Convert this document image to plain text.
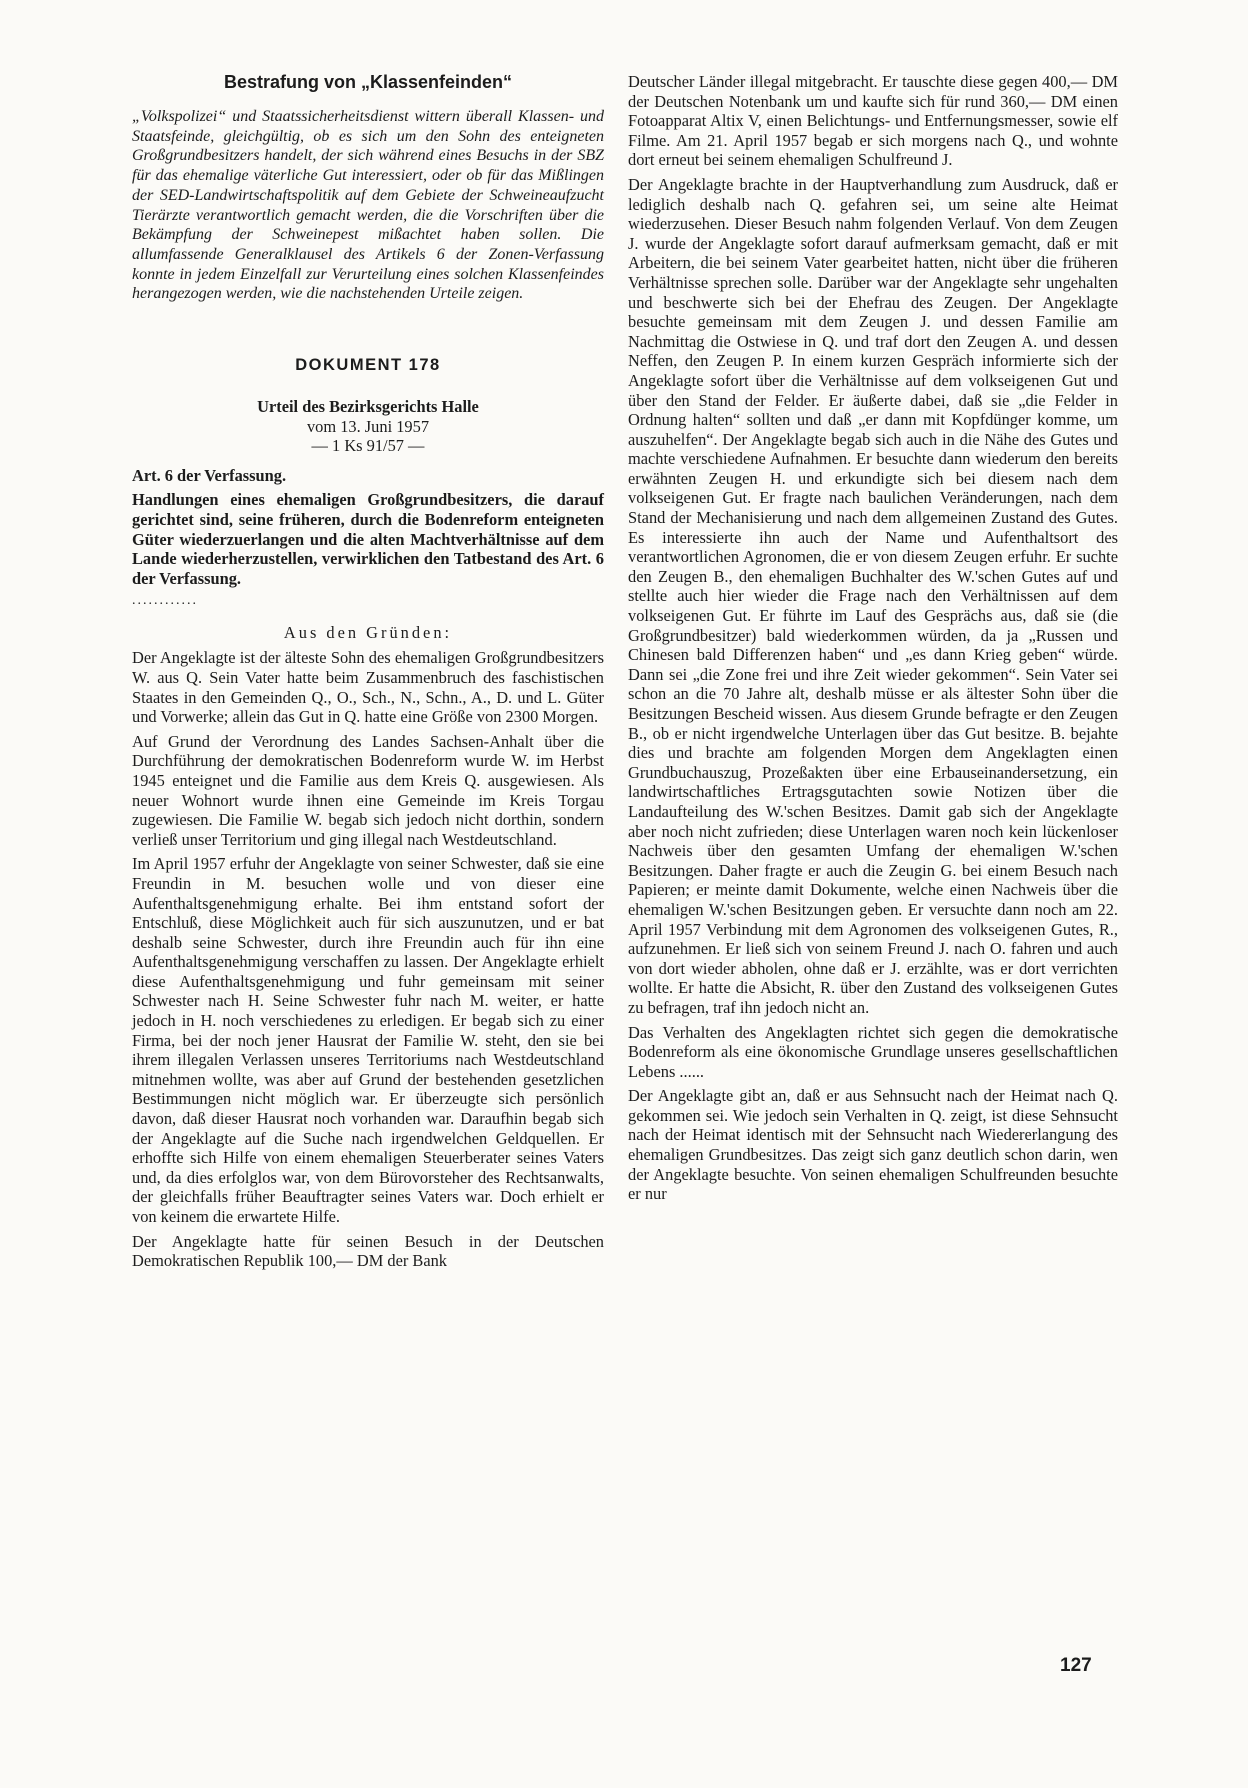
Bestrafung von „Klassenfeinden“

„Volkspolizei“ und Staatssicherheitsdienst wittern überall Klassen- und Staatsfeinde, gleichgültig, ob es sich um den Sohn des enteigneten Großgrundbesitzers handelt, der sich während eines Besuchs in der SBZ für das ehemalige väterliche Gut interessiert, oder ob für das Mißlingen der SED-Landwirtschaftspolitik auf dem Gebiete der Schweineaufzucht Tierärzte verantwortlich gemacht werden, die die Vorschriften über die Bekämpfung der Schweinepest mißachtet haben sollen. Die allumfassende Generalklausel des Artikels 6 der Zonen-Verfassung konnte in jedem Einzelfall zur Verurteilung eines solchen Klassenfeindes herangezogen werden, wie die nachstehenden Urteile zeigen.

DOKUMENT 178

Urteil des Bezirksgerichts Halle

vom 13. Juni 1957

— 1 Ks 91/57 —

Art. 6 der Verfassung.

Handlungen eines ehemaligen Großgrundbesitzers, die darauf gerichtet sind, seine früheren, durch die Bodenreform enteigneten Güter wiederzuerlangen und die alten Machtverhältnisse auf dem Lande wiederherzustellen, verwirklichen den Tatbestand des Art. 6 der Verfassung.

............
Aus den Gründen:

Der Angeklagte ist der älteste Sohn des ehemaligen Großgrundbesitzers W. aus Q. Sein Vater hatte beim Zusammenbruch des faschistischen Staates in den Gemeinden Q., O., Sch., N., Schn., A., D. und L. Güter und Vorwerke; allein das Gut in Q. hatte eine Größe von 2300 Morgen.

Auf Grund der Verordnung des Landes Sachsen-Anhalt über die Durchführung der demokratischen Bodenreform wurde W. im Herbst 1945 enteignet und die Familie aus dem Kreis Q. ausgewiesen. Als neuer Wohnort wurde ihnen eine Gemeinde im Kreis Torgau zugewiesen. Die Familie W. begab sich jedoch nicht dorthin, sondern verließ unser Territorium und ging illegal nach Westdeutschland.

Im April 1957 erfuhr der Angeklagte von seiner Schwester, daß sie eine Freundin in M. besuchen wolle und von dieser eine Aufenthaltsgenehmigung erhalte. Bei ihm entstand sofort der Entschluß, diese Möglichkeit auch für sich auszunutzen, und er bat deshalb seine Schwester, durch ihre Freundin auch für ihn eine Aufenthaltsgenehmigung verschaffen zu lassen. Der Angeklagte erhielt diese Aufenthaltsgenehmigung und fuhr gemeinsam mit seiner Schwester nach H. Seine Schwester fuhr nach M. weiter, er hatte jedoch in H. noch verschiedenes zu erledigen. Er begab sich zu einer Firma, bei der noch jener Hausrat der Familie W. steht, den sie bei ihrem illegalen Verlassen unseres Territoriums nach Westdeutschland mitnehmen wollte, was aber auf Grund der bestehenden gesetzlichen Bestimmungen nicht möglich war. Er überzeugte sich persönlich davon, daß dieser Hausrat noch vorhanden war. Daraufhin begab sich der Angeklagte auf die Suche nach irgendwelchen Geldquellen. Er erhoffte sich Hilfe von einem ehemaligen Steuerberater seines Vaters und, da dies erfolglos war, von dem Bürovorsteher des Rechtsanwalts, der gleichfalls früher Beauftragter seines Vaters war. Doch erhielt er von keinem die erwartete Hilfe.

Der Angeklagte hatte für seinen Besuch in der Deutschen Demokratischen Republik 100,— DM der Bank

Deutscher Länder illegal mitgebracht. Er tauschte diese gegen 400,— DM der Deutschen Notenbank um und kaufte sich für rund 360,— DM einen Fotoapparat Altix V, einen Belichtungs- und Entfernungsmesser, sowie elf Filme. Am 21. April 1957 begab er sich morgens nach Q., und wohnte dort erneut bei seinem ehemaligen Schulfreund J.

Der Angeklagte brachte in der Hauptverhandlung zum Ausdruck, daß er lediglich deshalb nach Q. gefahren sei, um seine alte Heimat wiederzusehen. Dieser Besuch nahm folgenden Verlauf. Von dem Zeugen J. wurde der Angeklagte sofort darauf aufmerksam gemacht, daß er mit Arbeitern, die bei seinem Vater gearbeitet hatten, nicht über die früheren Verhältnisse sprechen solle. Darüber war der Angeklagte sehr ungehalten und beschwerte sich bei der Ehefrau des Zeugen. Der Angeklagte besuchte gemeinsam mit dem Zeugen J. und dessen Familie am Nachmittag die Ostwiese in Q. und traf dort den Zeugen A. und dessen Neffen, den Zeugen P. In einem kurzen Gespräch informierte sich der Angeklagte sofort über die Verhältnisse auf dem volkseigenen Gut und über den Stand der Felder. Er äußerte dabei, daß sie „die Felder in Ordnung halten“ sollten und daß „er dann mit Kopfdünger komme, um auszuhelfen“. Der Angeklagte begab sich auch in die Nähe des Gutes und machte verschiedene Aufnahmen. Er besuchte dann wiederum den bereits erwähnten Zeugen H. und erkundigte sich bei diesem nach dem volkseigenen Gut. Er fragte nach baulichen Veränderungen, nach dem Stand der Mechanisierung und nach dem allgemeinen Zustand des Gutes. Es interessierte ihn auch der Name und Aufenthaltsort des verantwortlichen Agronomen, die er von diesem Zeugen erfuhr. Er suchte den Zeugen B., den ehemaligen Buchhalter des W.'schen Gutes auf und stellte auch hier wieder die Frage nach den Verhältnissen auf dem volkseigenen Gut. Er führte im Lauf des Gesprächs aus, daß sie (die Großgrundbesitzer) bald wiederkommen würden, da ja „Russen und Chinesen bald Differenzen haben“ und „es dann Krieg geben“ würde. Dann sei „die Zone frei und ihre Zeit wieder gekommen“. Sein Vater sei schon an die 70 Jahre alt, deshalb müsse er als ältester Sohn über die Besitzungen Bescheid wissen. Aus diesem Grunde befragte er den Zeugen B., ob er nicht irgendwelche Unterlagen über das Gut besitze. B. bejahte dies und brachte am folgenden Morgen dem Angeklagten einen Grundbuchauszug, Prozeßakten über eine Erbauseinandersetzung, ein landwirtschaftliches Ertragsgutachten sowie Notizen über die Landaufteilung des W.'schen Besitzes. Damit gab sich der Angeklagte aber noch nicht zufrieden; diese Unterlagen waren noch kein lückenloser Nachweis über den gesamten Umfang der ehemaligen W.'schen Besitzungen. Daher fragte er auch die Zeugin G. bei einem Besuch nach Papieren; er meinte damit Dokumente, welche einen Nachweis über die ehemaligen W.'schen Besitzungen geben. Er versuchte dann noch am 22. April 1957 Verbindung mit dem Agronomen des volkseigenen Gutes, R., aufzunehmen. Er ließ sich von seinem Freund J. nach O. fahren und auch von dort wieder abholen, ohne daß er J. erzählte, was er dort verrichten wollte. Er hatte die Absicht, R. über den Zustand des volkseigenen Gutes zu befragen, traf ihn jedoch nicht an.

Das Verhalten des Angeklagten richtet sich gegen die demokratische Bodenreform als eine ökonomische Grundlage unseres gesellschaftlichen Lebens ......

Der Angeklagte gibt an, daß er aus Sehnsucht nach der Heimat nach Q. gekommen sei. Wie jedoch sein Verhalten in Q. zeigt, ist diese Sehnsucht nach der Heimat identisch mit der Sehnsucht nach Wiedererlangung des ehemaligen Grundbesitzes. Das zeigt sich ganz deutlich schon darin, wen der Angeklagte besuchte. Von seinen ehemaligen Schulfreunden besuchte er nur

127
